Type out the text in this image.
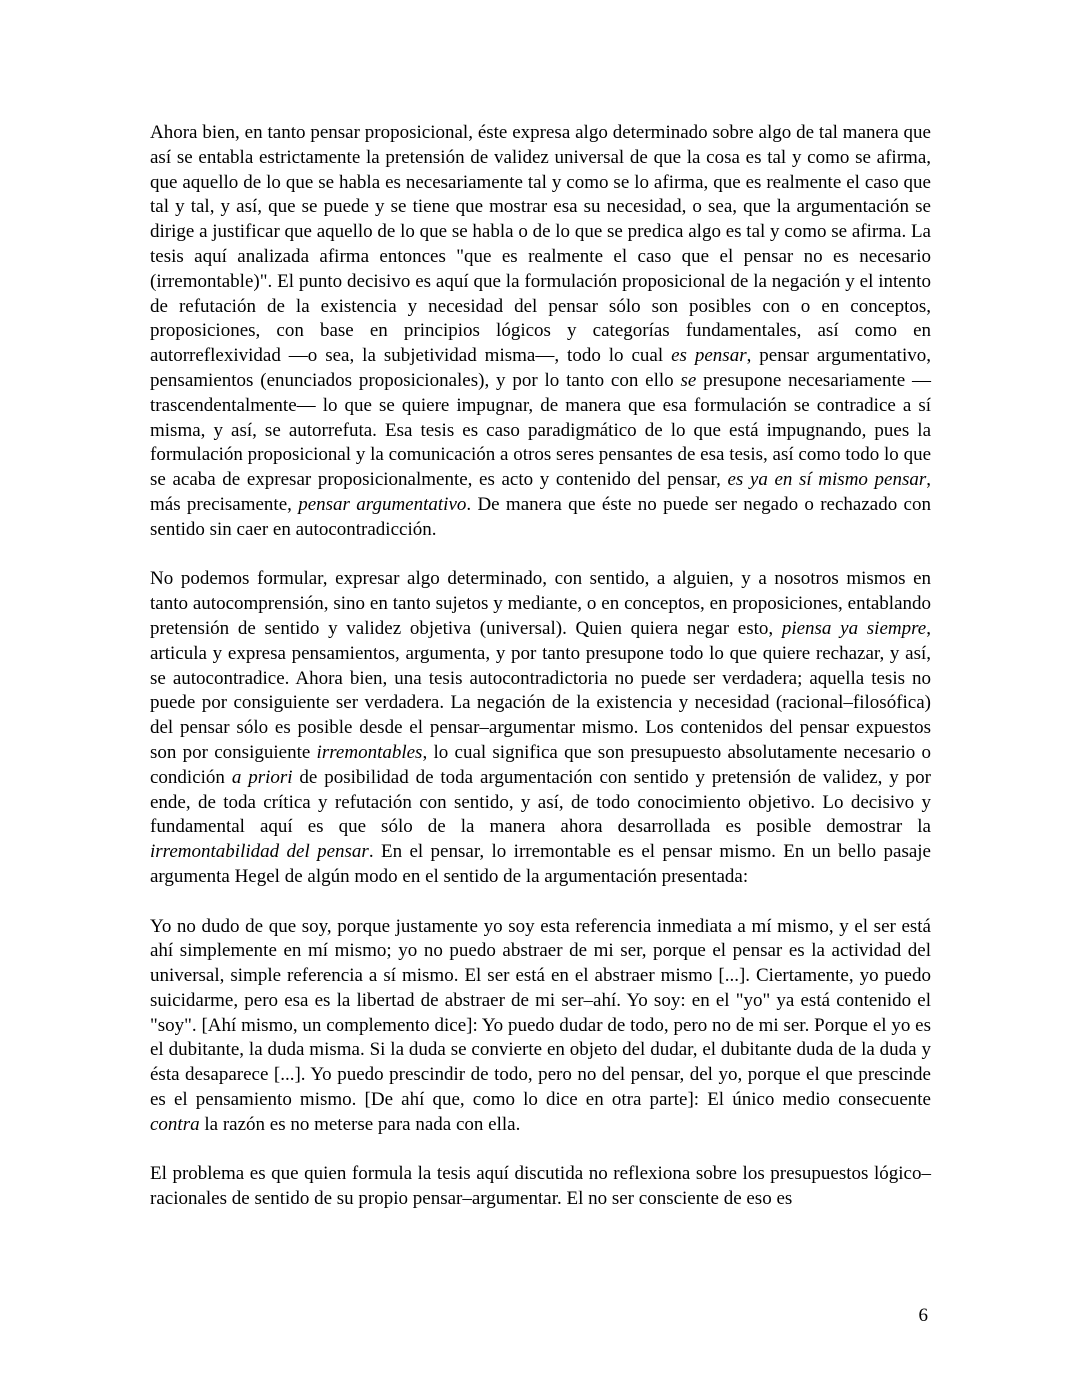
Ahora bien, en tanto pensar proposicional, éste expresa algo determinado sobre algo de tal manera que así se entabla estrictamente la pretensión de validez universal de que la cosa es tal y como se afirma, que aquello de lo que se habla es necesariamente tal y como se lo afirma, que es realmente el caso que tal y tal, y así, que se puede y se tiene que mostrar esa su necesidad, o sea, que la argumentación se dirige a justificar que aquello de lo que se habla o de lo que se predica algo es tal y como se afirma. La tesis aquí analizada afirma entonces "que es realmente el caso que el pensar no es necesario (irremontable)". El punto decisivo es aquí que la formulación proposicional de la negación y el intento de refutación de la existencia y necesidad del pensar sólo son posibles con o en conceptos, proposiciones, con base en principios lógicos y categorías fundamentales, así como en autorreflexividad —o sea, la subjetividad misma—, todo lo cual es pensar, pensar argumentativo, pensamientos (enunciados proposicionales), y por lo tanto con ello se presupone necesariamente — trascendentalmente— lo que se quiere impugnar, de manera que esa formulación se contradice a sí misma, y así, se autorrefuta. Esa tesis es caso paradigmático de lo que está impugnando, pues la formulación proposicional y la comunicación a otros seres pensantes de esa tesis, así como todo lo que se acaba de expresar proposicionalmente, es acto y contenido del pensar, es ya en sí mismo pensar, más precisamente, pensar argumentativo. De manera que éste no puede ser negado o rechazado con sentido sin caer en autocontradicción.

No podemos formular, expresar algo determinado, con sentido, a alguien, y a nosotros mismos en tanto autocomprensión, sino en tanto sujetos y mediante, o en conceptos, en proposiciones, entablando pretensión de sentido y validez objetiva (universal). Quien quiera negar esto, piensa ya siempre, articula y expresa pensamientos, argumenta, y por tanto presupone todo lo que quiere rechazar, y así, se autocontradice. Ahora bien, una tesis autocontradictoria no puede ser verdadera; aquella tesis no puede por consiguiente ser verdadera. La negación de la existencia y necesidad (racional–filosófica) del pensar sólo es posible desde el pensar–argumentar mismo. Los contenidos del pensar expuestos son por consiguiente irremontables, lo cual significa que son presupuesto absolutamente necesario o condición a priori de posibilidad de toda argumentación con sentido y pretensión de validez, y por ende, de toda crítica y refutación con sentido, y así, de todo conocimiento objetivo. Lo decisivo y fundamental aquí es que sólo de la manera ahora desarrollada es posible demostrar la irremontabilidad del pensar. En el pensar, lo irremontable es el pensar mismo. En un bello pasaje argumenta Hegel de algún modo en el sentido de la argumentación presentada:

Yo no dudo de que soy, porque justamente yo soy esta referencia inmediata a mí mismo, y el ser está ahí simplemente en mí mismo; yo no puedo abstraer de mi ser, porque el pensar es la actividad del universal, simple referencia a sí mismo. El ser está en el abstraer mismo [...]. Ciertamente, yo puedo suicidarme, pero esa es la libertad de abstraer de mi ser–ahí. Yo soy: en el "yo" ya está contenido el "soy". [Ahí mismo, un complemento dice]: Yo puedo dudar de todo, pero no de mi ser. Porque el yo es el dubitante, la duda misma. Si la duda se convierte en objeto del dudar, el dubitante duda de la duda y ésta desaparece [...]. Yo puedo prescindir de todo, pero no del pensar, del yo, porque el que prescinde es el pensamiento mismo. [De ahí que, como lo dice en otra parte]: El único medio consecuente contra la razón es no meterse para nada con ella.

El problema es que quien formula la tesis aquí discutida no reflexiona sobre los presupuestos lógico–racionales de sentido de su propio pensar–argumentar. El no ser consciente de eso es

6
